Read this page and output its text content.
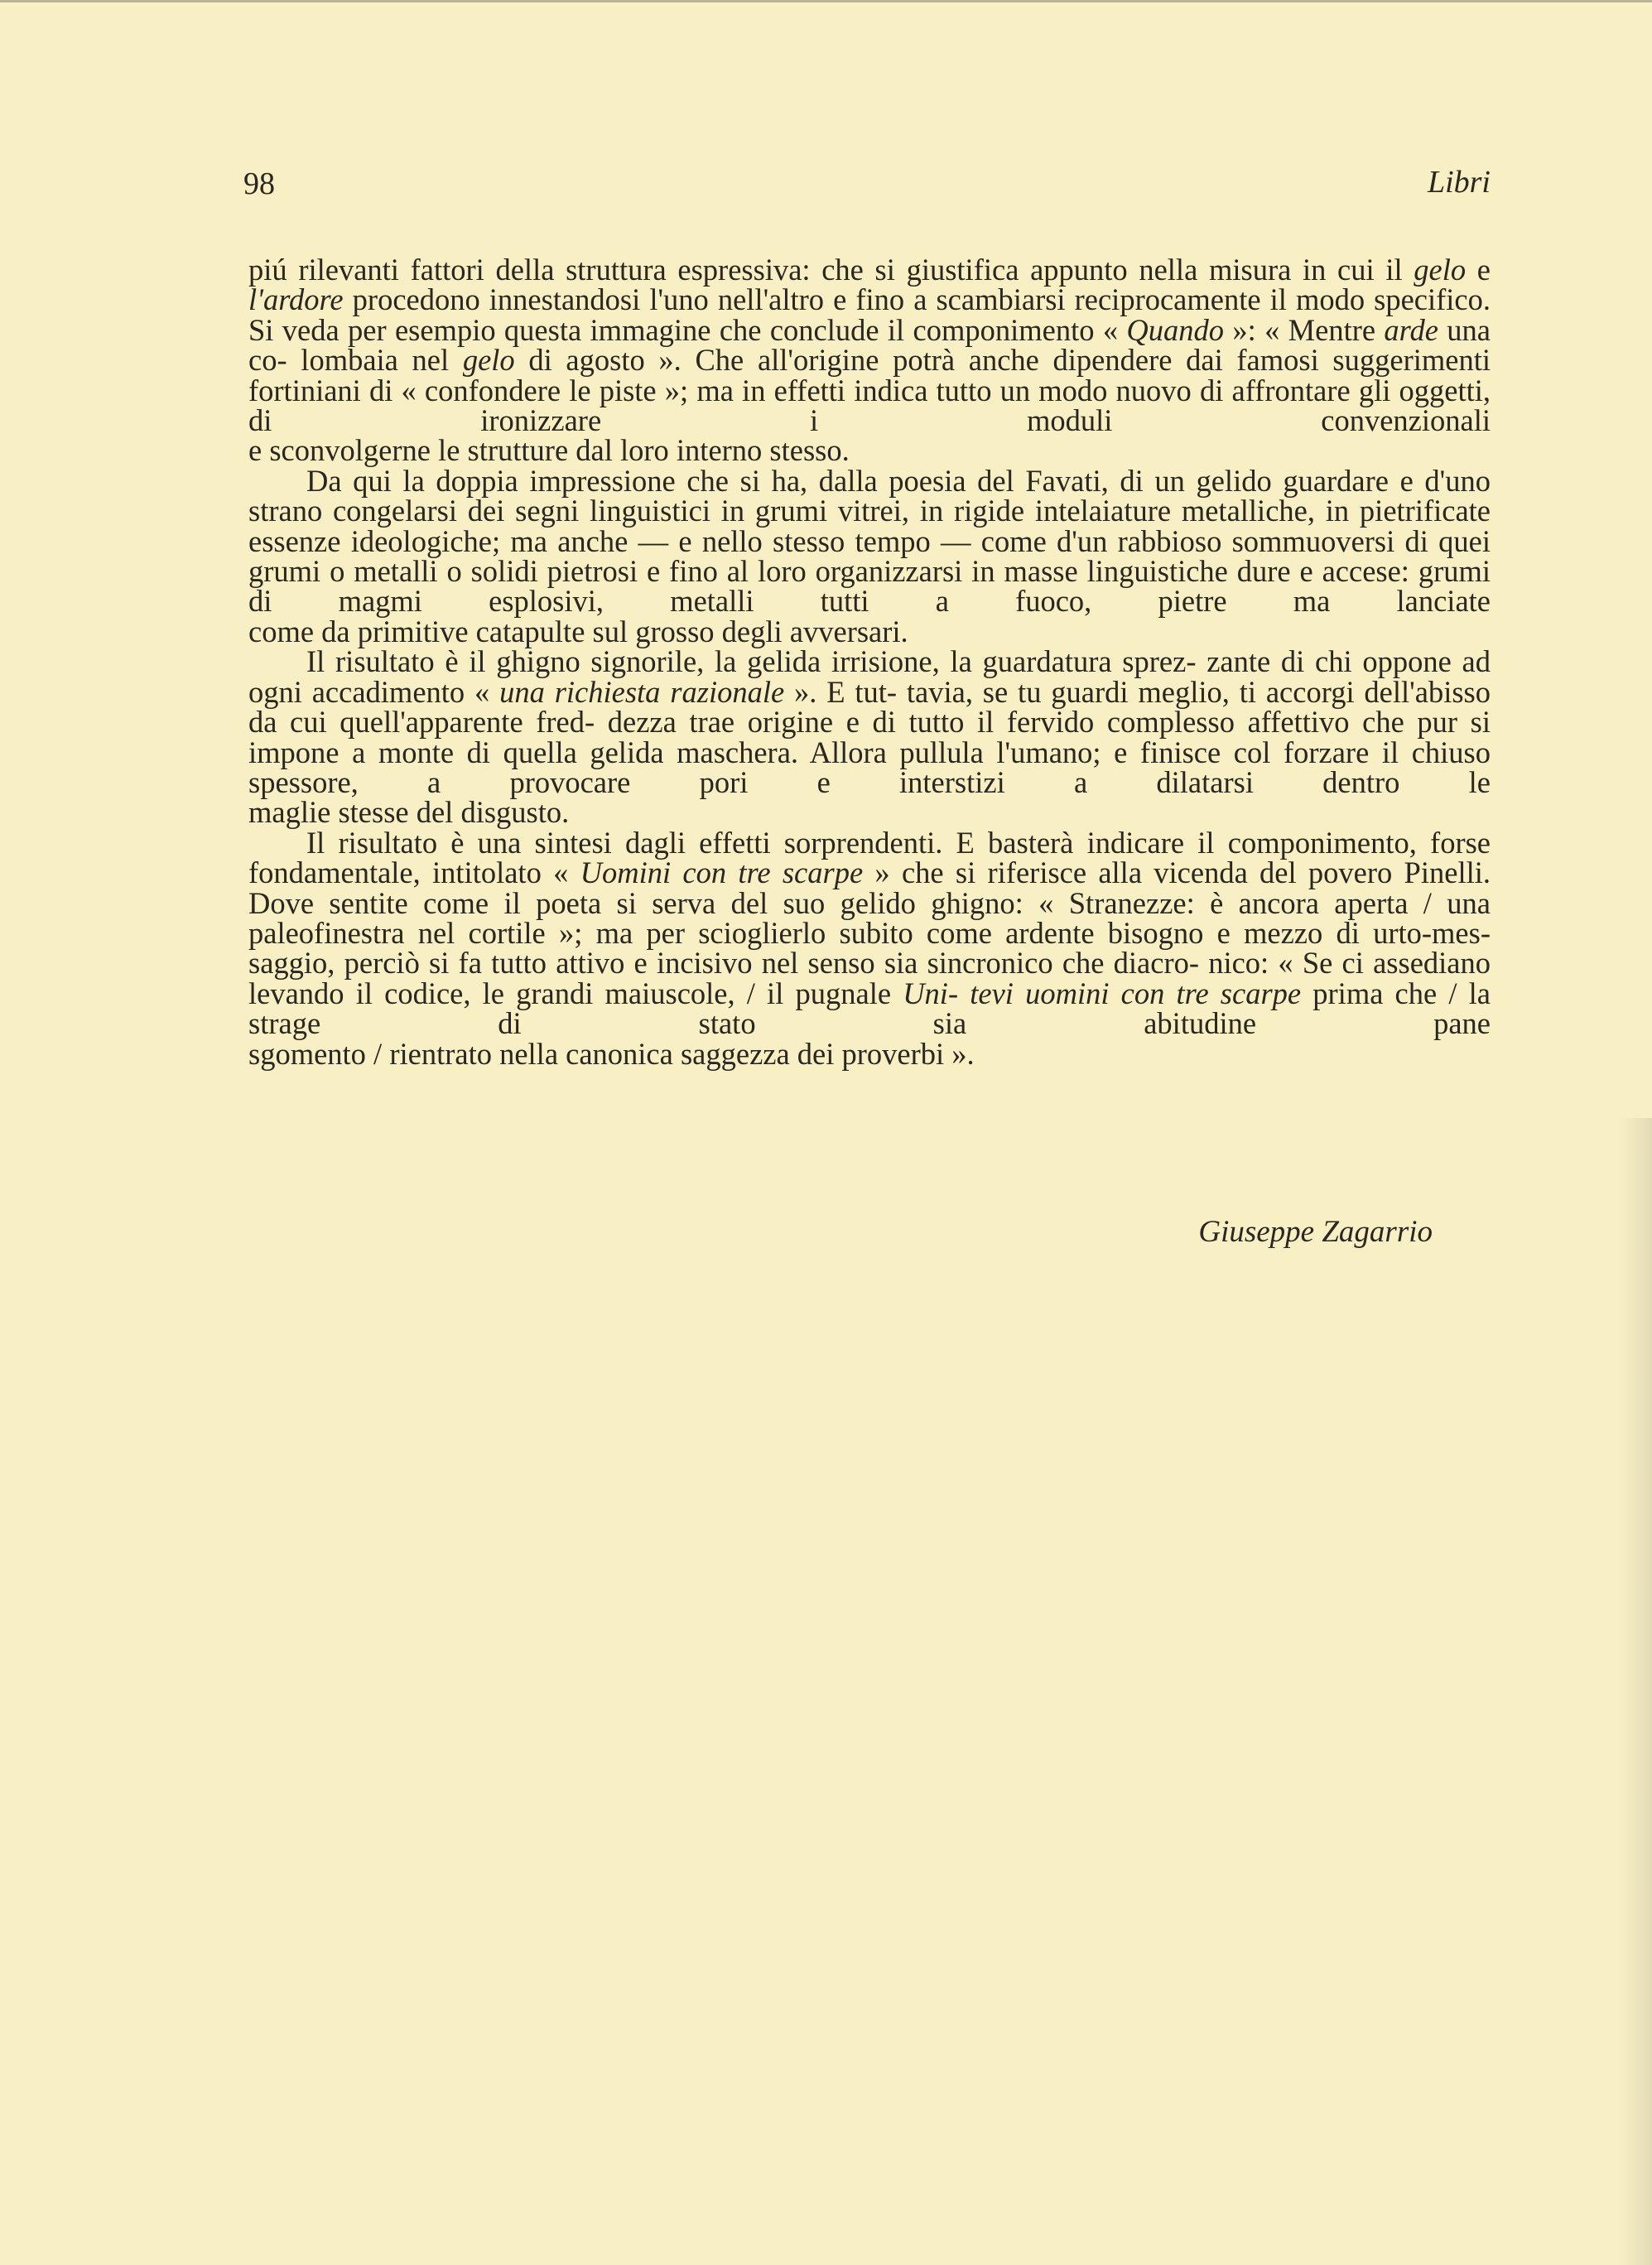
98	Libri

piú rilevanti fattori della struttura espressiva: che si giustifica appunto nella misura in cui il gelo e l'ardore procedono innestandosi l'uno nell'altro e fino a scambiarsi reciprocamente il modo specifico. Si veda per esempio questa immagine che conclude il componimento « Quando »: « Mentre arde una co- lombaia nel gelo di agosto ». Che all'origine potrà anche dipendere dai famosi suggerimenti fortiniani di « confondere le piste »; ma in effetti indica tutto un modo nuovo di affrontare gli oggetti, di ironizzare i moduli convenzionali

e sconvolgerne le strutture dal loro interno stesso.

Da qui la doppia impressione che si ha, dalla poesia del Favati, di un gelido guardare e d'uno strano congelarsi dei segni linguistici in grumi vitrei, in rigide intelaiature metalliche, in pietrificate essenze ideologiche; ma anche — e nello stesso tempo — come d'un rabbioso sommuoversi di quei grumi o metalli o solidi pietrosi e fino al loro organizzarsi in masse linguistiche dure e accese: grumi di magmi esplosivi, metalli tutti a fuoco, pietre ma lanciate

come da primitive catapulte sul grosso degli avversari.

Il risultato è il ghigno signorile, la gelida irrisione, la guardatura sprez- zante di chi oppone ad ogni accadimento « una richiesta razionale ». E tut- tavia, se tu guardi meglio, ti accorgi dell'abisso da cui quell'apparente fred- dezza trae origine e di tutto il fervido complesso affettivo che pur si impone a monte di quella gelida maschera. Allora pullula l'umano; e finisce col forzare il chiuso spessore, a provocare pori e interstizi a dilatarsi dentro le

maglie stesse del disgusto.

Il risultato è una sintesi dagli effetti sorprendenti. E basterà indicare il componimento, forse fondamentale, intitolato « Uomini con tre scarpe » che si riferisce alla vicenda del povero Pinelli. Dove sentite come il poeta si serva del suo gelido ghigno: « Stranezze: è ancora aperta / una paleofinestra nel cortile »; ma per scioglierlo subito come ardente bisogno e mezzo di urto-mes- saggio, perciò si fa tutto attivo e incisivo nel senso sia sincronico che diacro- nico: « Se ci assediano levando il codice, le grandi maiuscole, / il pugnale Uni- tevi uomini con tre scarpe prima che / la strage di stato sia abitudine pane

sgomento / rientrato nella canonica saggezza dei proverbi ».

Giuseppe Zagarrio
